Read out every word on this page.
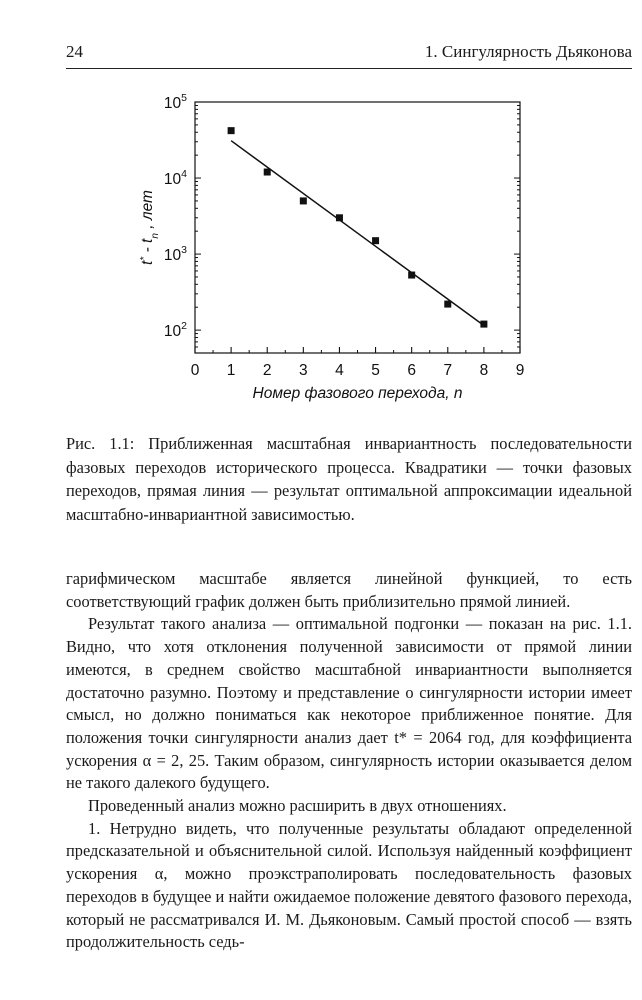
24	1. Сингулярность Дьяконова
0 1 2 3 4 5 6 7 8 9
$10^2$
$10^3$
$10^4$
$10^5$
Номер фазового перехода, n
$t^* - t_n$ , лет
Рис. 1.1: Приближенная масштабная инвариантность последовательности фазовых переходов исторического процесса. Квадратики — точки фазовых переходов, прямая линия — результат оптимальной аппроксимации идеальной масштабно-инвариантной зависимостью.

гарифмическом масштабе является линейной функцией, то есть соответствующий график должен быть приблизительно прямой линией.

Результат такого анализа — оптимальной подгонки — показан на рис. 1.1. Видно, что хотя отклонения полученной зависимости от прямой линии имеются, в среднем свойство масштабной инвариантности выполняется достаточно разумно. Поэтому и представление о сингулярности истории имеет смысл, но должно пониматься как некоторое приближенное понятие. Для положения точки сингулярности анализ дает t* = 2064 год, для коэффициента ускорения α = 2, 25. Таким образом, сингулярность истории оказывается делом не такого далекого будущего.

Проведенный анализ можно расширить в двух отношениях.

1. Нетрудно видеть, что полученные результаты обладают определенной предсказательной и объяснительной силой. Используя найденный коэффициент ускорения α, можно проэкстраполировать последовательность фазовых переходов в будущее и найти ожидаемое положение девятого фазового перехода, который не рассматривался И. М. Дьяконовым. Самый простой способ — взять продолжительность седь-
